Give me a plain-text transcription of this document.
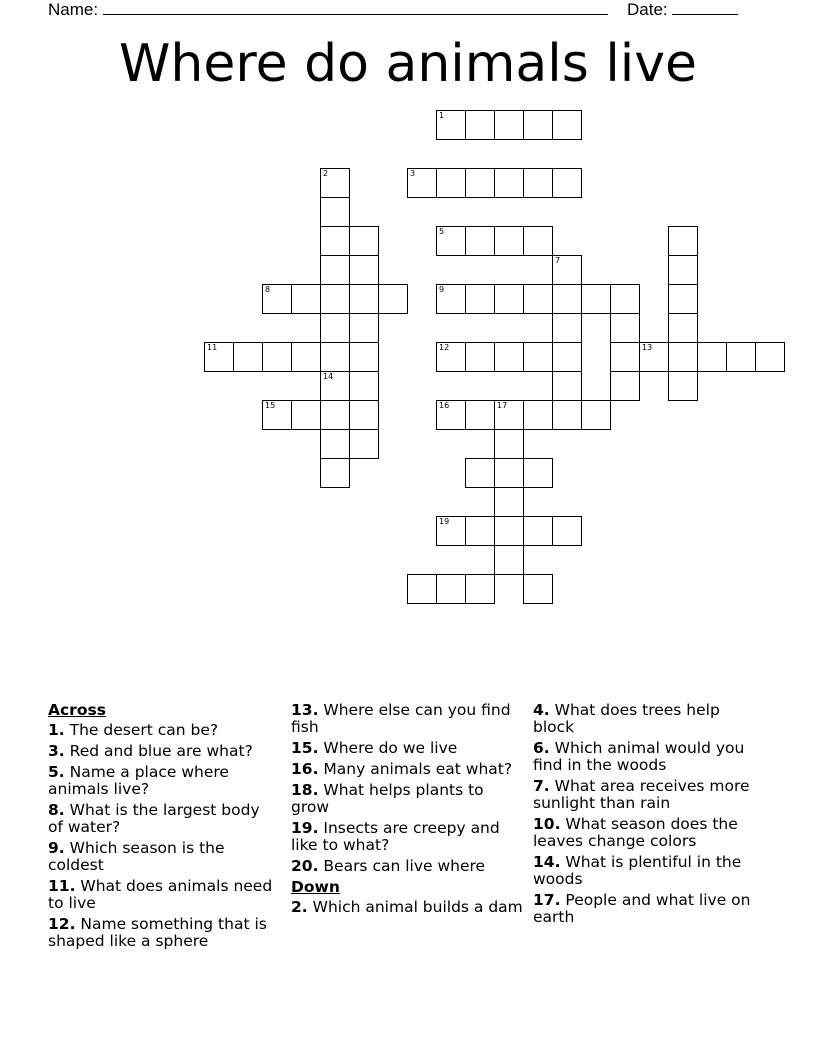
Name:	Date:
Where do animals live
1
2
14
3
5
7
8	9
11	12	13
15	16	17
19
Across
1. The desert can be?
3. Red and blue are what?
5. Name a place where animals live?
8. What is the largest body of water?
9. Which season is the coldest
11. What does animals need to live
12. Name something that is shaped like a sphere
13. Where else can you find fish
15. Where do we live
16. Many animals eat what?
18. What helps plants to grow
19. Insects are creepy and like to what?
20. Bears can live where
Down
2. Which animal builds a dam
4. What does trees help block
6. Which animal would you find in the woods
7. What area receives more sunlight than rain
10. What season does the leaves change colors
14. What is plentiful in the woods
17. People and what live on earth
